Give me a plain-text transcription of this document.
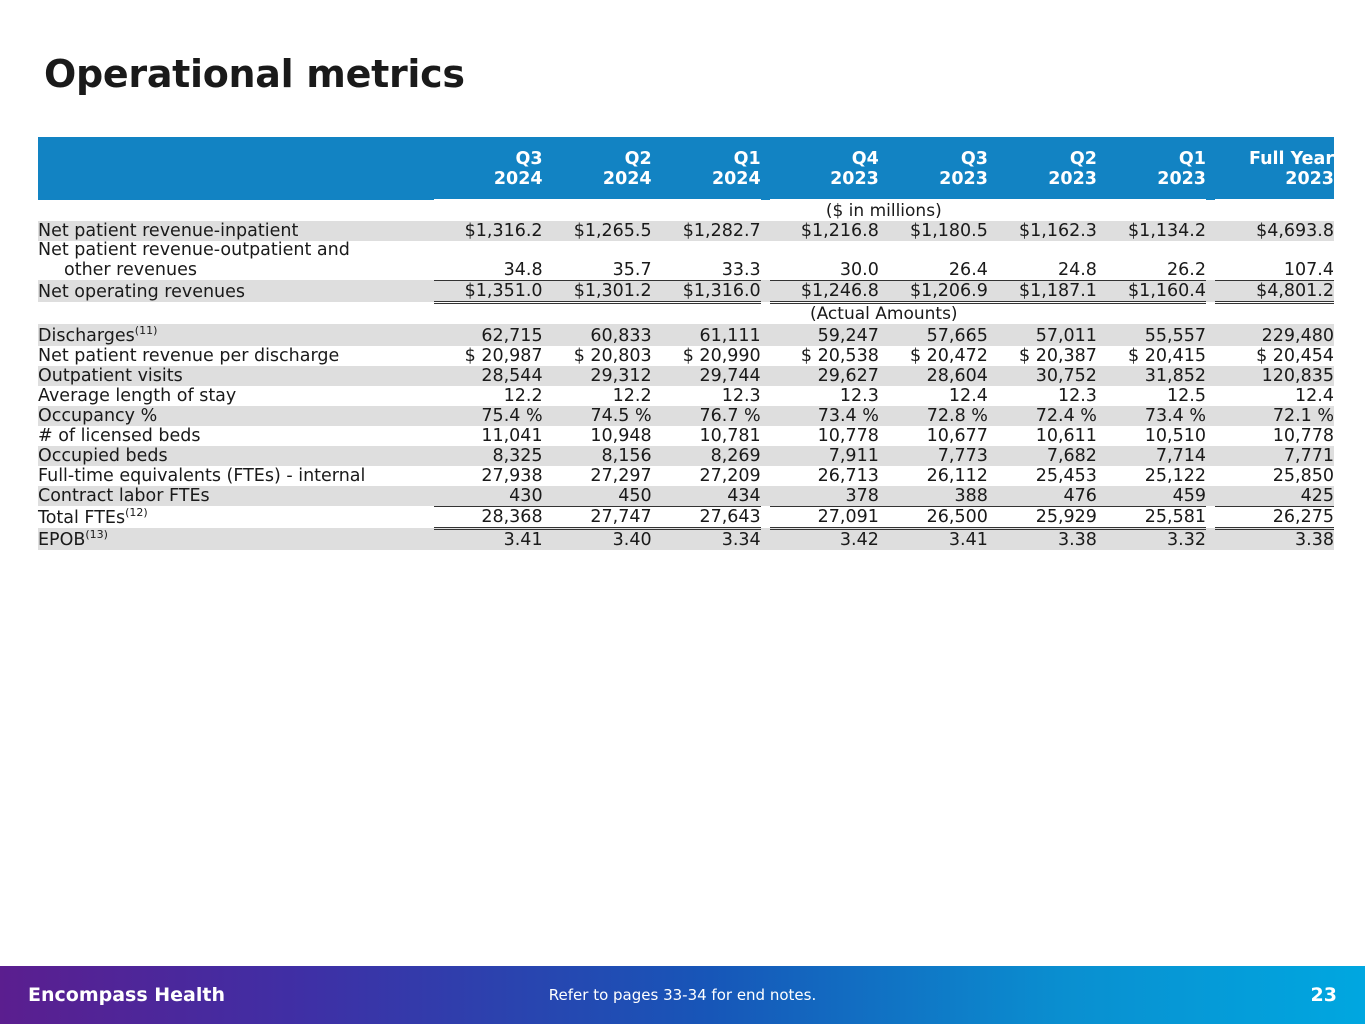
Operational metrics
	Q3	Q2	Q1		Q4	Q3	Q2	Q1		Full Year
	2024	2024	2024		2023	2023	2023	2023		2023
	($ in millions)									
Net patient revenue-inpatient	$1,316.2	$1,265.5	$1,282.7		$1,216.8	$1,180.5	$1,162.3	$1,134.2		$4,693.8
Net patient revenue-outpatient and
other revenues	34.8	35.7	33.3		30.0	26.4	24.8	26.2		107.4
Net operating revenues	$1,351.0	$1,301.2	$1,316.0		$1,246.8	$1,206.9	$1,187.1	$1,160.4		$4,801.2
	(Actual Amounts)									
Discharges$^{(11)}$	62,715	60,833	61,111		59,247	57,665	57,011	55,557		229,480
Net patient revenue per discharge	$ 20,987	$ 20,803	$ 20,990		$ 20,538	$ 20,472	$ 20,387	$ 20,415		$ 20,454
Outpatient visits	28,544	29,312	29,744		29,627	28,604	30,752	31,852		120,835
Average length of stay	12.2	12.2	12.3		12.3	12.4	12.3	12.5		12.4
Occupancy %	75.4 %	74.5 %	76.7 %		73.4 %	72.8 %	72.4 %	73.4 %		72.1 %
# of licensed beds	11,041	10,948	10,781		10,778	10,677	10,611	10,510		10,778
Occupied beds	8,325	8,156	8,269		7,911	7,773	7,682	7,714		7,771
Full-time equivalents (FTEs) - internal	27,938	27,297	27,209		26,713	26,112	25,453	25,122		25,850
Contract labor FTEs	430	450	434		378	388	476	459		425
Total FTEs$^{(12)}$	28,368	27,747	27,643		27,091	26,500	25,929	25,581		26,275
EPOB$^{(13)}$	3.41	3.40	3.34		3.42	3.41	3.38	3.32		3.38
Encompass Health	Refer to pages 33-34 for end notes.	23
